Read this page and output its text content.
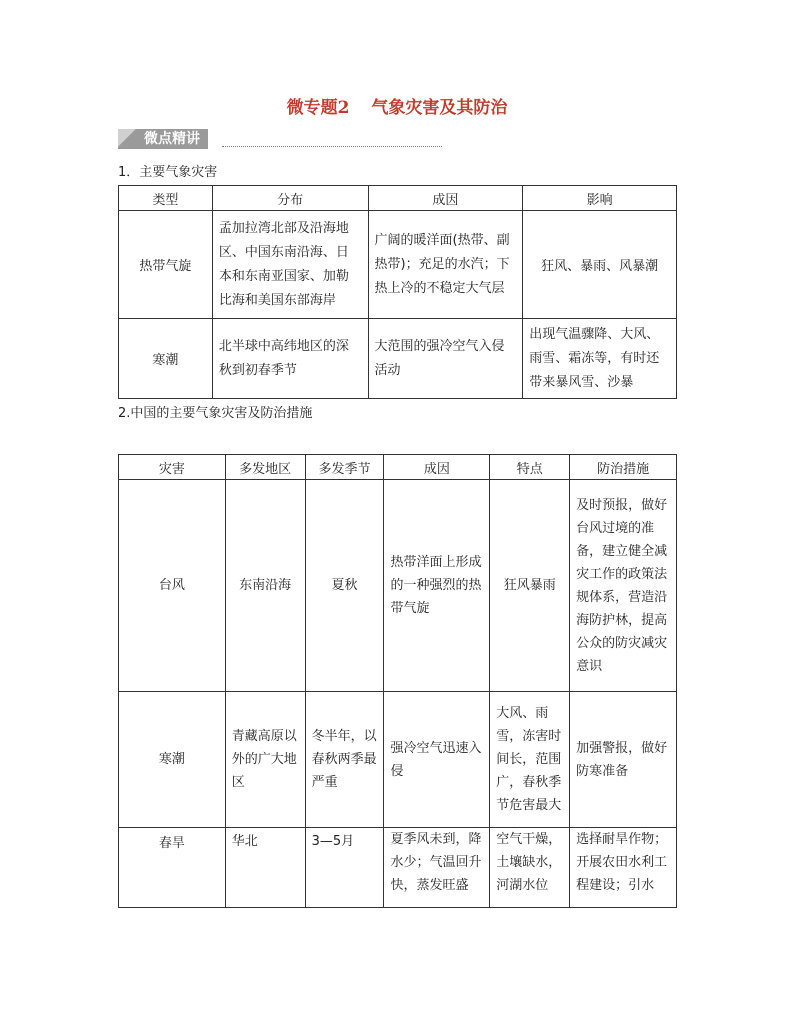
微专题2 气象灾害及其防治
微点精讲
1．主要气象灾害
类型	分布	成因	影响
热带气旋	孟加拉湾北部及沿海地区、中国东南沿海、日本和东南亚国家、加勒比海和美国东部海岸	广阔的暖洋面(热带、副热带)；充足的水汽；下热上冷的不稳定大气层	狂风、暴雨、风暴潮
寒潮	北半球中高纬地区的深秋到初春季节	大范围的强冷空气入侵活动	出现气温骤降、大风、雨雪、霜冻等，有时还带来暴风雪、沙暴
2.中国的主要气象灾害及防治措施
灾害	多发地区	多发季节	成因	特点	防治措施
台风	东南沿海	夏秋	热带洋面上形成的一种强烈的热带气旋	狂风暴雨	及时预报，做好台风过境的准备，建立健全减灾工作的政策法规体系，营造沿海防护林，提高公众的防灾减灾意识
寒潮	青藏高原以外的广大地区	冬半年，以春秋两季最严重	强冷空气迅速入侵	大风、雨雪，冻害时间长，范围广，春秋季节危害最大	加强警报，做好防寒准备
春旱	华北	3—5月	夏季风未到，降水少；气温回升快，蒸发旺盛	空气干燥，土壤缺水，河湖水位	选择耐旱作物；开展农田水利工程建设；引水
